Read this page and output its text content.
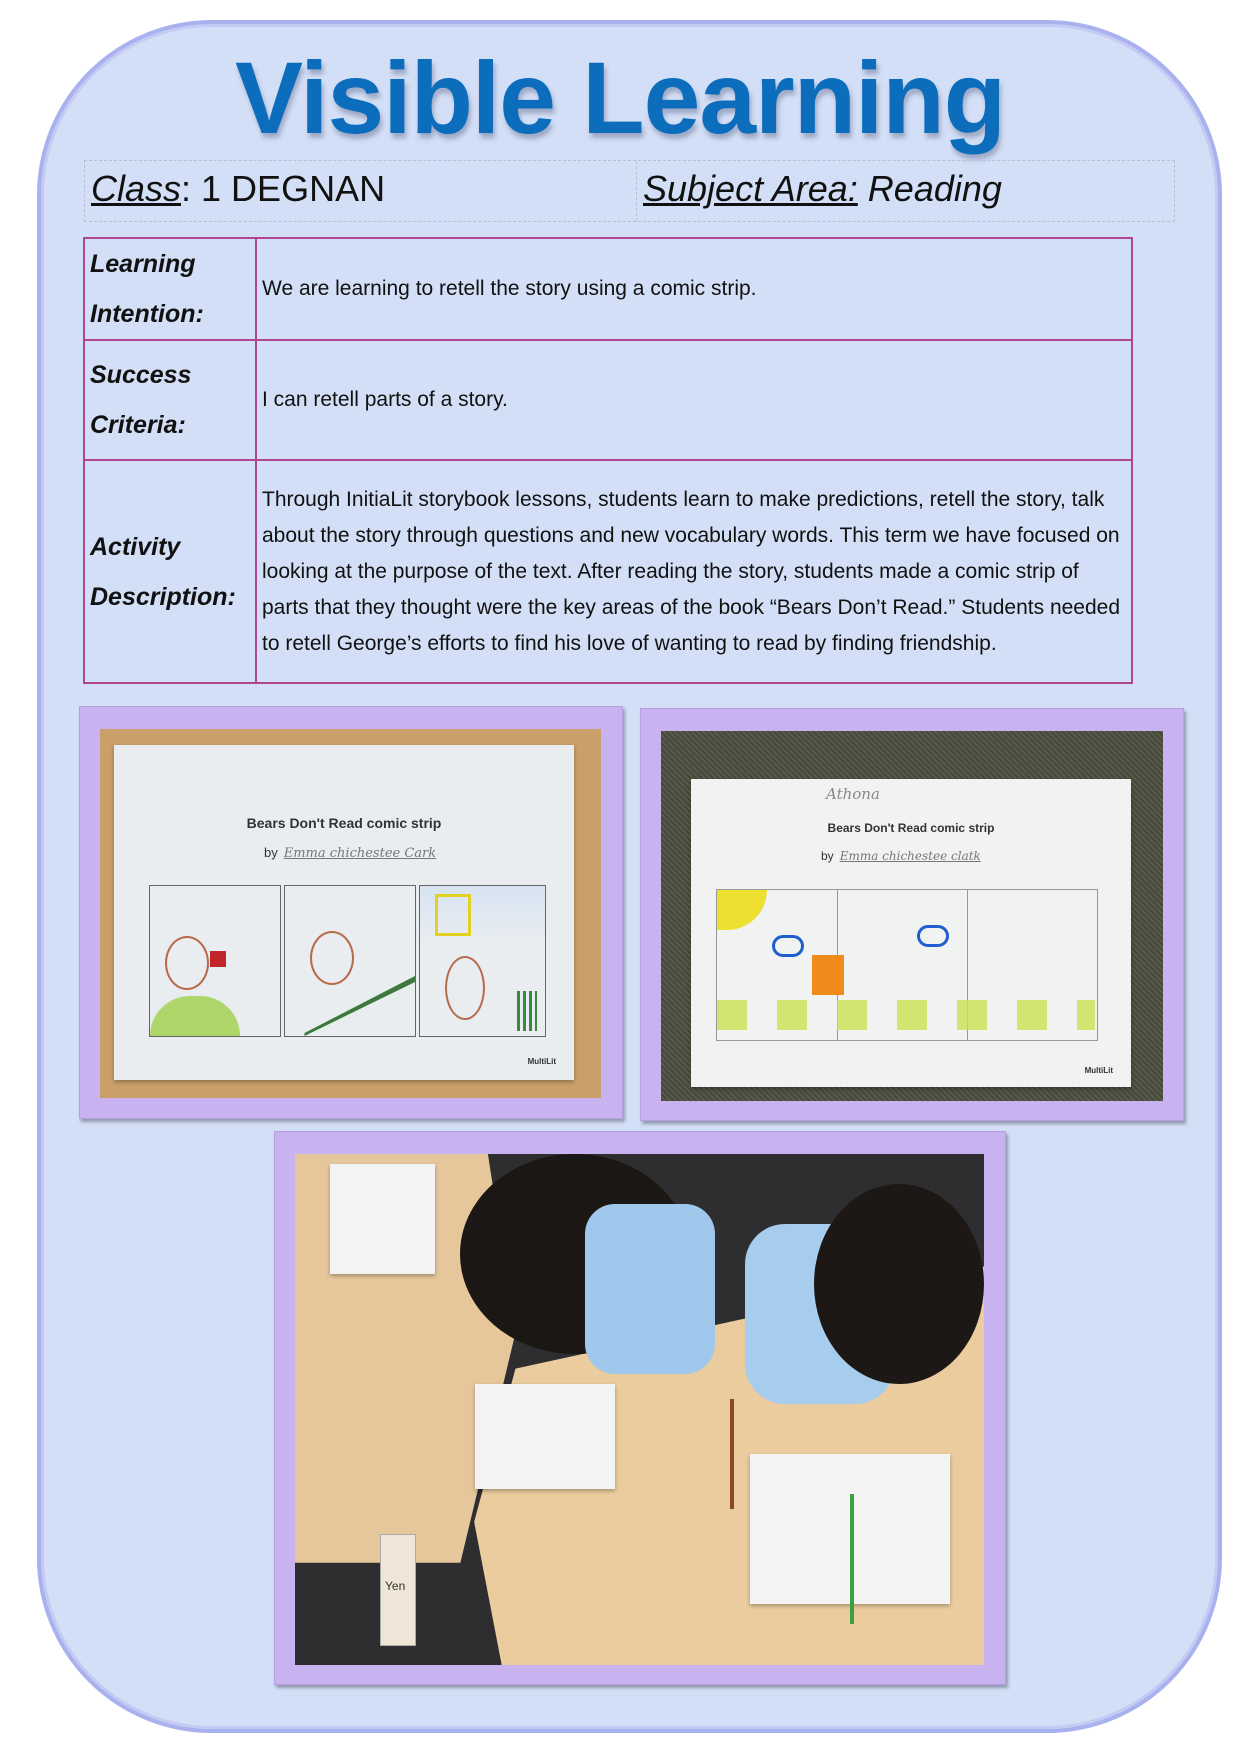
Visible Learning
Class: 1 DEGNAN	Subject Area: Reading
Learning
Intention:	We are learning to retell the story using a comic strip.

Success
Criteria:	I can retell parts of a story.

Activity
Description:	Through InitiaLit storybook lessons, students learn to make predictions, retell the story, talk about the story through questions and new vocabulary words. This term we have focused on looking at the purpose of the text. After reading the story, students made a comic strip of parts that they thought were the key areas of the book “Bears Don’t Read.” Students needed to retell George’s efforts to find his love of wanting to read by finding friendship.
Bears Don't Read comic strip
by Emma chichestee Cark
MultiLit
Athona
Bears Don't Read comic strip
by Emma chichestee clatk
MultiLit
Yen
